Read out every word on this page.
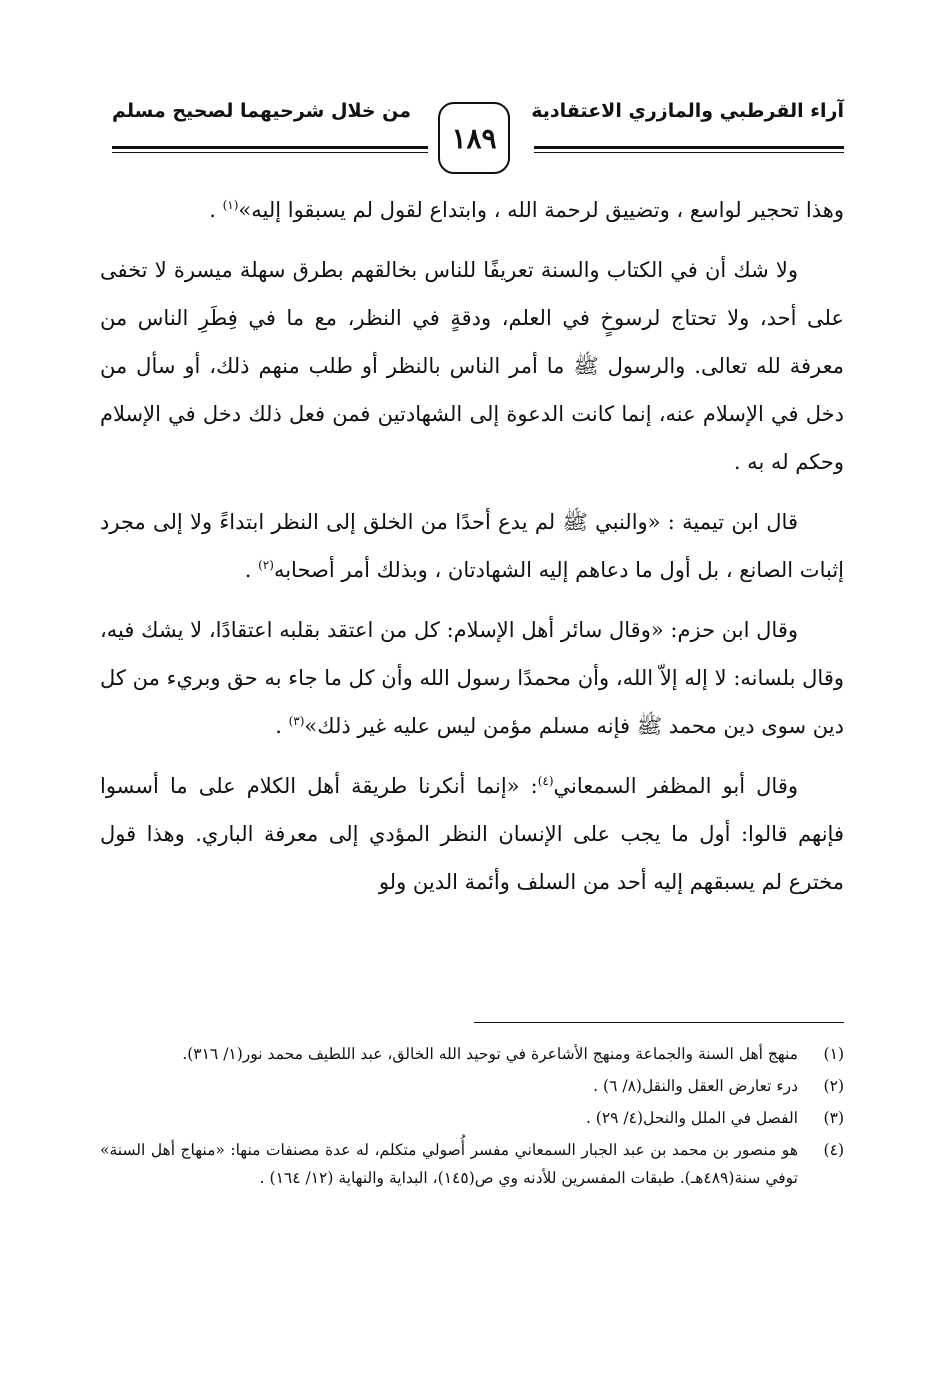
آراء القرطبي والمازري الاعتقادية
من خلال شرحيهما لصحيح مسلم
١٨٩

وهذا تحجير لواسع ، وتضييق لرحمة الله ، وابتداع لقول لم يسبقوا إليه»$^{(١)}$ .

ولا شك أن في الكتاب والسنة تعريفًا للناس بخالقهم بطرق سهلة ميسرة لا تخفى على أحد، ولا تحتاج لرسوخٍ في العلم، ودقةٍ في النظر، مع ما في فِطَرِ الناس من معرفة لله تعالى. والرسول ﷺ ما أمر الناس بالنظر أو طلب منهم ذلك، أو سأل من دخل في الإسلام عنه، إنما كانت الدعوة إلى الشهادتين فمن فعل ذلك دخل في الإسلام وحكم له به .

قال ابن تيمية : «والنبي ﷺ لم يدع أحدًا من الخلق إلى النظر ابتداءً ولا إلى مجرد إثبات الصانع ، بل أول ما دعاهم إليه الشهادتان ، وبذلك أمر أصحابه$^{(٢)}$ .

وقال ابن حزم: «وقال سائر أهل الإسلام: كل من اعتقد بقلبه اعتقادًا، لا يشك فيه، وقال بلسانه: لا إله إلاّ الله، وأن محمدًا رسول الله وأن كل ما جاء به حق وبريء من كل دين سوى دين محمد ﷺ فإنه مسلم مؤمن ليس عليه غير ذلك»$^{(٣)}$ .

وقال أبو المظفر السمعاني$^{(٤)}$: «إنما أنكرنا طريقة أهل الكلام على ما أسسوا فإنهم قالوا: أول ما يجب على الإنسان النظر المؤدي إلى معرفة الباري. وهذا قول مخترع لم يسبقهم إليه أحد من السلف وأئمة الدين ولو

(١)
منهج أهل السنة والجماعة ومنهج الأشاعرة في توحيد الله الخالق، عبد اللطيف محمد نور(١/ ٣١٦).
(٢)
درء تعارض العقل والنقل(٨/ ٦) .
(٣)
الفصل في الملل والنحل(٤/ ٢٩) .
(٤)
هو منصور بن محمد بن عبد الجبار السمعاني مفسر أُصولي متكلم، له عدة مصنفات منها: «منهاج أهل السنة» توفي سنة(٤٨٩هـ). طبقات المفسرين للأدنه وي ص(١٤٥)، البداية والنهاية (١٢/ ١٦٤) .
